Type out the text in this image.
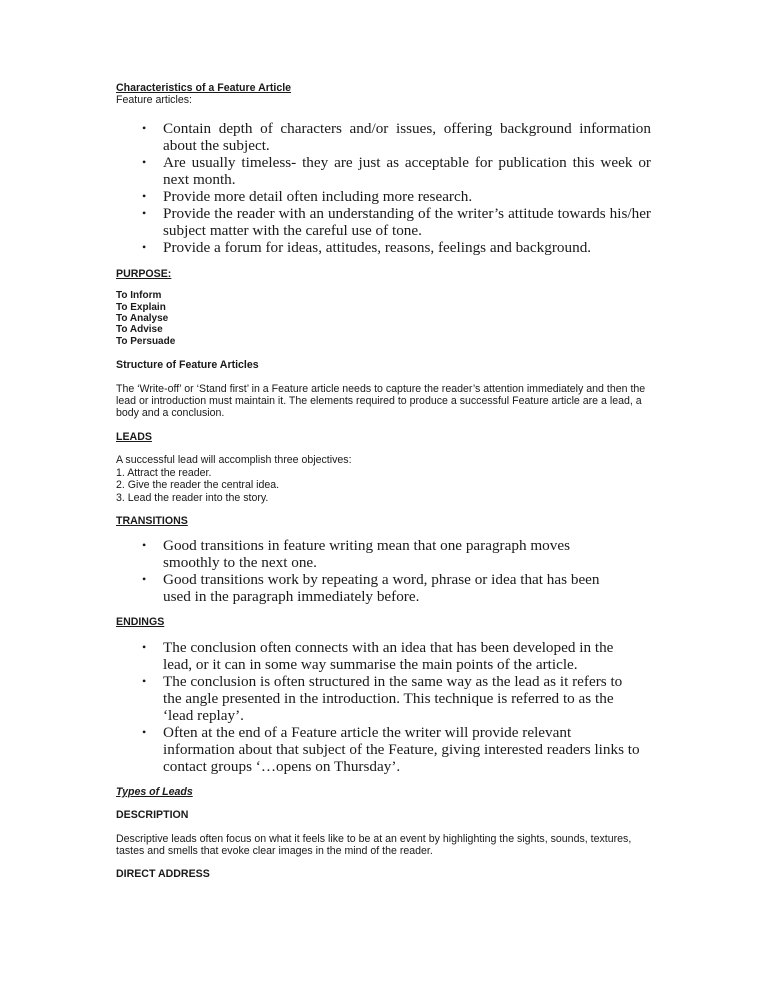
Characteristics of a Feature Article

Feature articles:

• Contain depth of characters and/or issues, offering background information about the subject.
• Are usually timeless- they are just as acceptable for publication this week or next month.
• Provide more detail often including more research.
• Provide the reader with an understanding of the writer’s attitude towards his/her subject matter with the careful use of tone.
• Provide a forum for ideas, attitudes, reasons, feelings and background.

PURPOSE:

To Inform
To Explain
To Analyse
To Advise
To Persuade

Structure of Feature Articles

The ‘Write-off’ or ‘Stand first’ in a Feature article needs to capture the reader’s attention immediately and then the lead or introduction must maintain it. The elements required to produce a successful Feature article are a lead, a body and a conclusion.

LEADS

A successful lead will accomplish three objectives:

1. Attract the reader.

2. Give the reader the central idea.

3. Lead the reader into the story.

TRANSITIONS

• Good transitions in feature writing mean that one paragraph moves smoothly to the next one.
• Good transitions work by repeating a word, phrase or idea that has been used in the paragraph immediately before.

ENDINGS

• The conclusion often connects with an idea that has been developed in the lead, or it can in some way summarise the main points of the article.
• The conclusion is often structured in the same way as the lead as it refers to the angle presented in the introduction. This technique is referred to as the ‘lead replay’.
• Often at the end of a Feature article the writer will provide relevant information about that subject of the Feature, giving interested readers links to contact groups ‘…opens on Thursday’.

Types of Leads

DESCRIPTION

Descriptive leads often focus on what it feels like to be at an event by highlighting the sights, sounds, textures, tastes and smells that evoke clear images in the mind of the reader.

DIRECT ADDRESS
